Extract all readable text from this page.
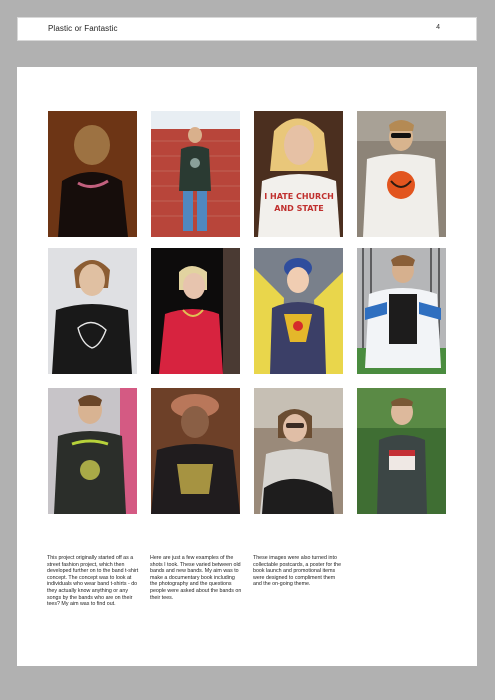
Plastic or Fantastic	4
I HATE CHURCH
AND STATE
This project originally started off as a street fashion project, which then developed further on to the band t-shirt concept. The concept was to look at individuals who wear band t-shirts - do they actually know anything or any songs by the bands who are on their tees? My aim was to find out.
Here are just a few examples of the shots I took. These varied between old bands and new bands. My aim was to make a documentary book including the photography and the questions people were asked about the bands on their tees.
These images were also turned into collectable postcards, a poster for the book launch and promotional items were designed to compliment them and the on-going theme.
